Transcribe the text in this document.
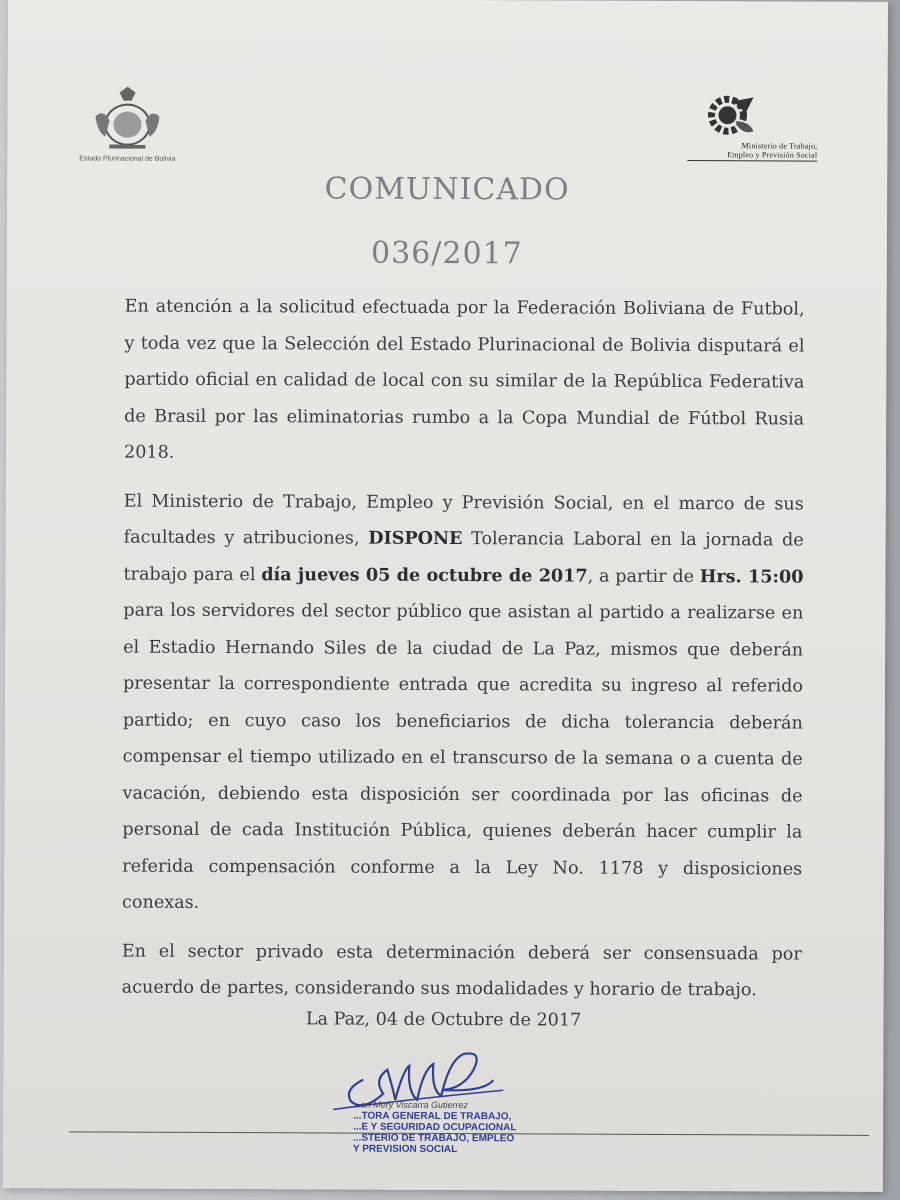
Estado Plurinacional de Bolivia
Ministerio de Trabajo,
Empleo y Previsión Social
COMUNICADO
036/2017

En atención a la solicitud efectuada por la Federación Boliviana de Futbol, y toda vez que la Selección del Estado Plurinacional de Bolivia disputará el partido oficial en calidad de local con su similar de la República Federativa de Brasil por las eliminatorias rumbo a la Copa Mundial de Fútbol Rusia 2018.

El Ministerio de Trabajo, Empleo y Previsión Social, en el marco de sus facultades y atribuciones, DISPONE Tolerancia Laboral en la jornada de trabajo para el día jueves 05 de octubre de 2017, a partir de Hrs. 15:00 para los servidores del sector público que asistan al partido a realizarse en el Estadio Hernando Siles de la ciudad de La Paz, mismos que deberán presentar la correspondiente entrada que acredita su ingreso al referido partido; en cuyo caso los beneficiarios de dicha tolerancia deberán compensar el tiempo utilizado en el transcurso de la semana o a cuenta de vacación, debiendo esta disposición ser coordinada por las oficinas de personal de cada Institución Pública, quienes deberán hacer cumplir la referida compensación conforme a la Ley No. 1178 y disposiciones conexas.

En el sector privado esta determinación deberá ser consensuada por acuerdo de partes, considerando sus modalidades y horario de trabajo.

La Paz, 04 de Octubre de 2017
...an Mery Viscarra Gutierrez
...TORA GENERAL DE TRABAJO,
...E Y SEGURIDAD OCUPACIONAL
...STERIO DE TRABAJO, EMPLEO
Y PREVISION SOCIAL
